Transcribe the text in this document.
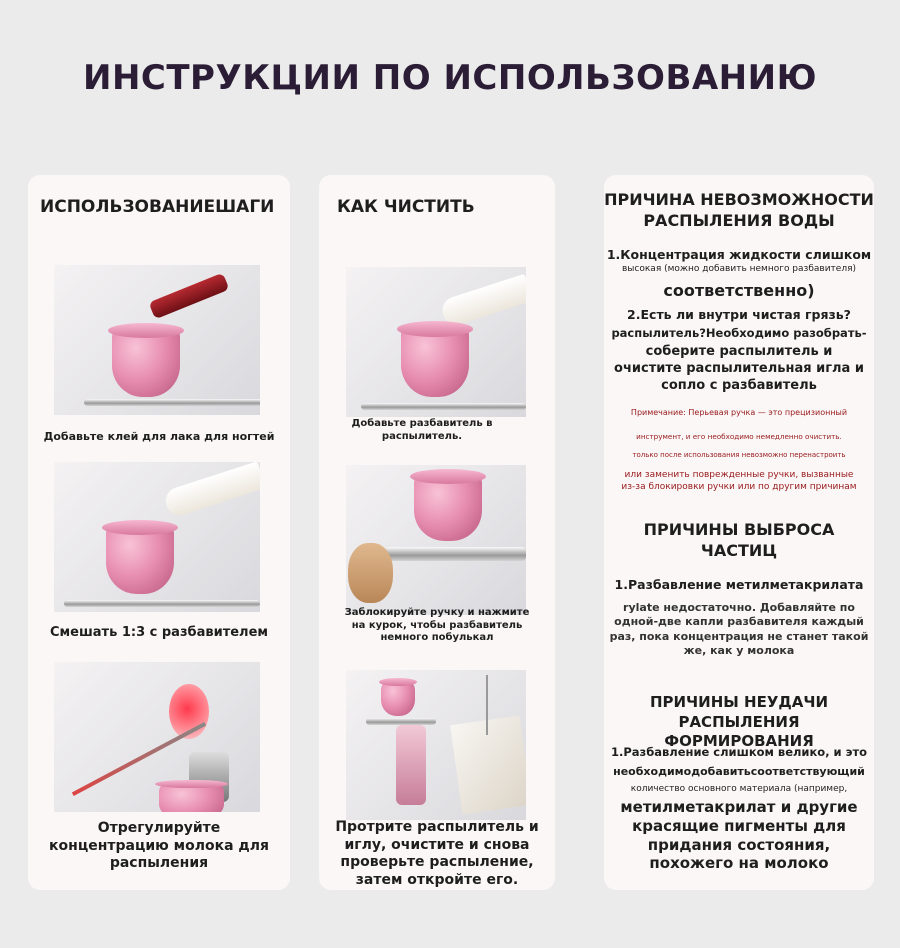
ИНСТРУКЦИИ ПО ИСПОЛЬЗОВАНИЮ
ИСПОЛЬЗОВАНИЕШАГИ
Добавьте клей для лака для ногтей
Смешать 1:3 с разбавителем
Отрегулируйте концентрацию молока для распыления
КАК ЧИСТИТЬ
Добавьте разбавитель в распылитель.
Заблокируйте ручку и нажмите на курок, чтобы разбавитель немного побулькал
Протрите распылитель и иглу, очистите и снова проверьте распыление, затем откройте его.
ПРИЧИНА НЕВОЗМОЖНОСТИ РАСПЫЛЕНИЯ ВОДЫ
1.Концентрация жидкости слишком
высокая (можно добавить немного разбавителя)
соответственно)
2.Есть ли внутри чистая грязь?
распылитель?Необходимо разобрать-
соберите распылитель и очистите распылительная игла и сопло с разбавитель
Примечание: Перьевая ручка — это прецизионный
инструмент, и его необходимо немедленно очистить.
только после использования невозможно перенастроить
или заменить поврежденные ручки, вызванные из-за блокировки ручки или по другим причинам
ПРИЧИНЫ ВЫБРОСА ЧАСТИЦ
1.Разбавление метилметакрилата
rylate недостаточно. Добавляйте по одной-две капли разбавителя каждый раз, пока концентрация не станет такой же, как у молока
ПРИЧИНЫ НЕУДАЧИ РАСПЫЛЕНИЯ ФОРМИРОВАНИЯ
1.Разбавление слишком велико, и это
необходимодобавитьсоответствующий
количество основного материала (например,
метилметакрилат и другие красящие пигменты для придания состояния, похожего на молоко
